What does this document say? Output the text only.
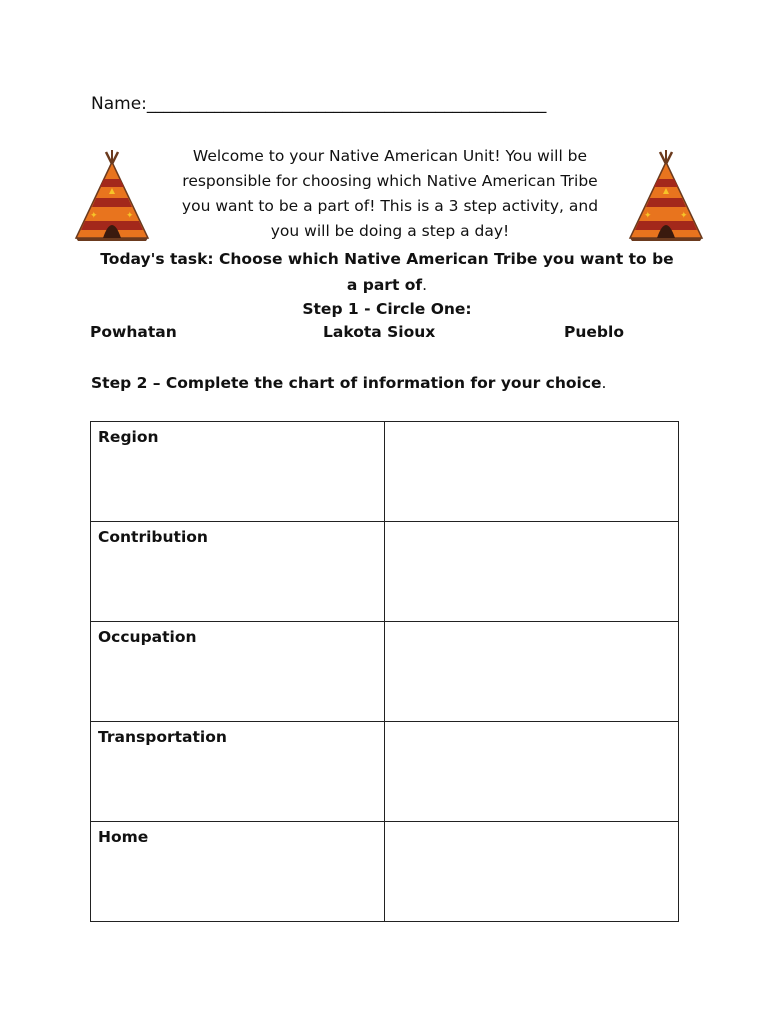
Name:_______________________________________________
✦	✦	✦	✦
Welcome to your Native American Unit! You will be
responsible for choosing which Native American Tribe
you want to be a part of! This is a 3 step activity, and
you will be doing a step a day!
Today's task: Choose which Native American Tribe you want to be
a part of.
Step 1 - Circle One:
Powhatan	Lakota Sioux	Pueblo
Step 2 – Complete the chart of information for your choice.
Region	
Contribution	
Occupation	
Transportation	
Home	
